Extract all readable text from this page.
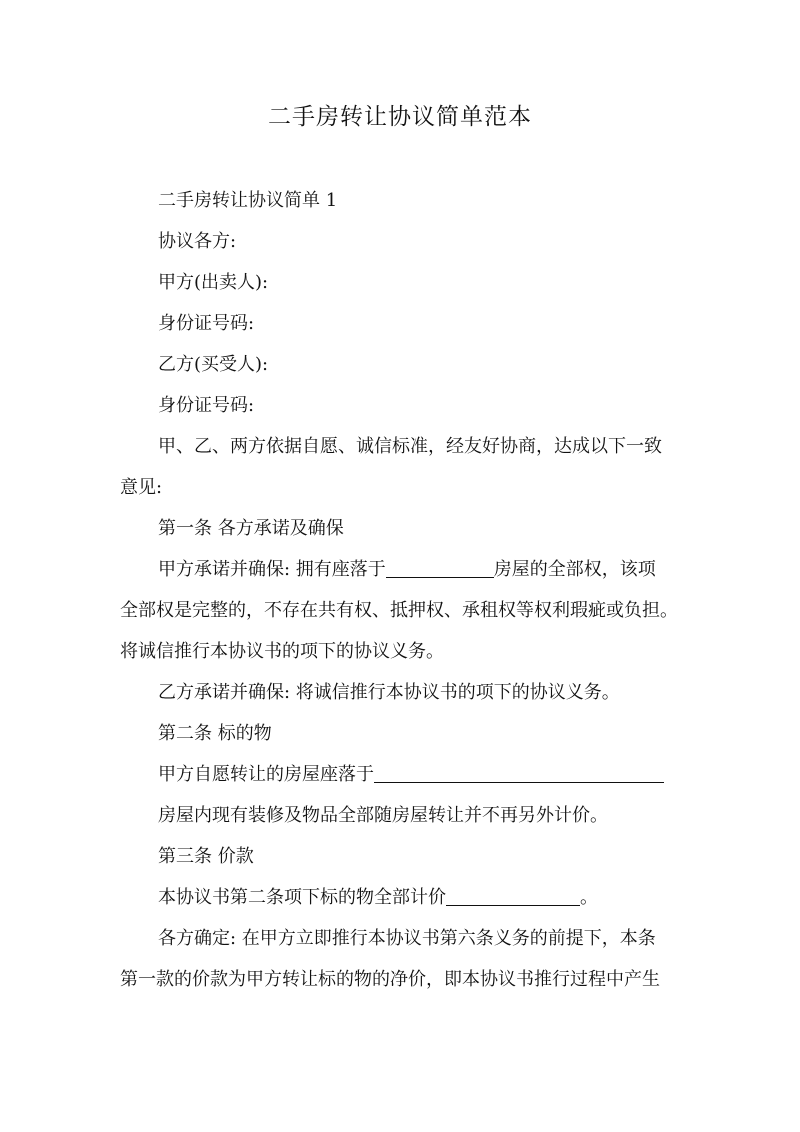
二手房转让协议简单范本
二手房转让协议简单 1
协议各方:
甲方(出卖人):
身份证号码:
乙方(买受人):
身份证号码:
甲、乙、两方依据自愿、诚信标准，经友好协商，达成以下一致
意见:
第一条 各方承诺及确保
甲方承诺并确保: 拥有座落于	房屋的全部权，该项
全部权是完整的，不存在共有权、抵押权、承租权等权利瑕疵或负担。
将诚信推行本协议书的项下的协议义务。
乙方承诺并确保: 将诚信推行本协议书的项下的协议义务。
第二条 标的物
甲方自愿转让的房屋座落于
房屋内现有装修及物品全部随房屋转让并不再另外计价。
第三条 价款
本协议书第二条项下标的物全部计价	。
各方确定: 在甲方立即推行本协议书第六条义务的前提下，本条
第一款的价款为甲方转让标的物的净价，即本协议书推行过程中产生
